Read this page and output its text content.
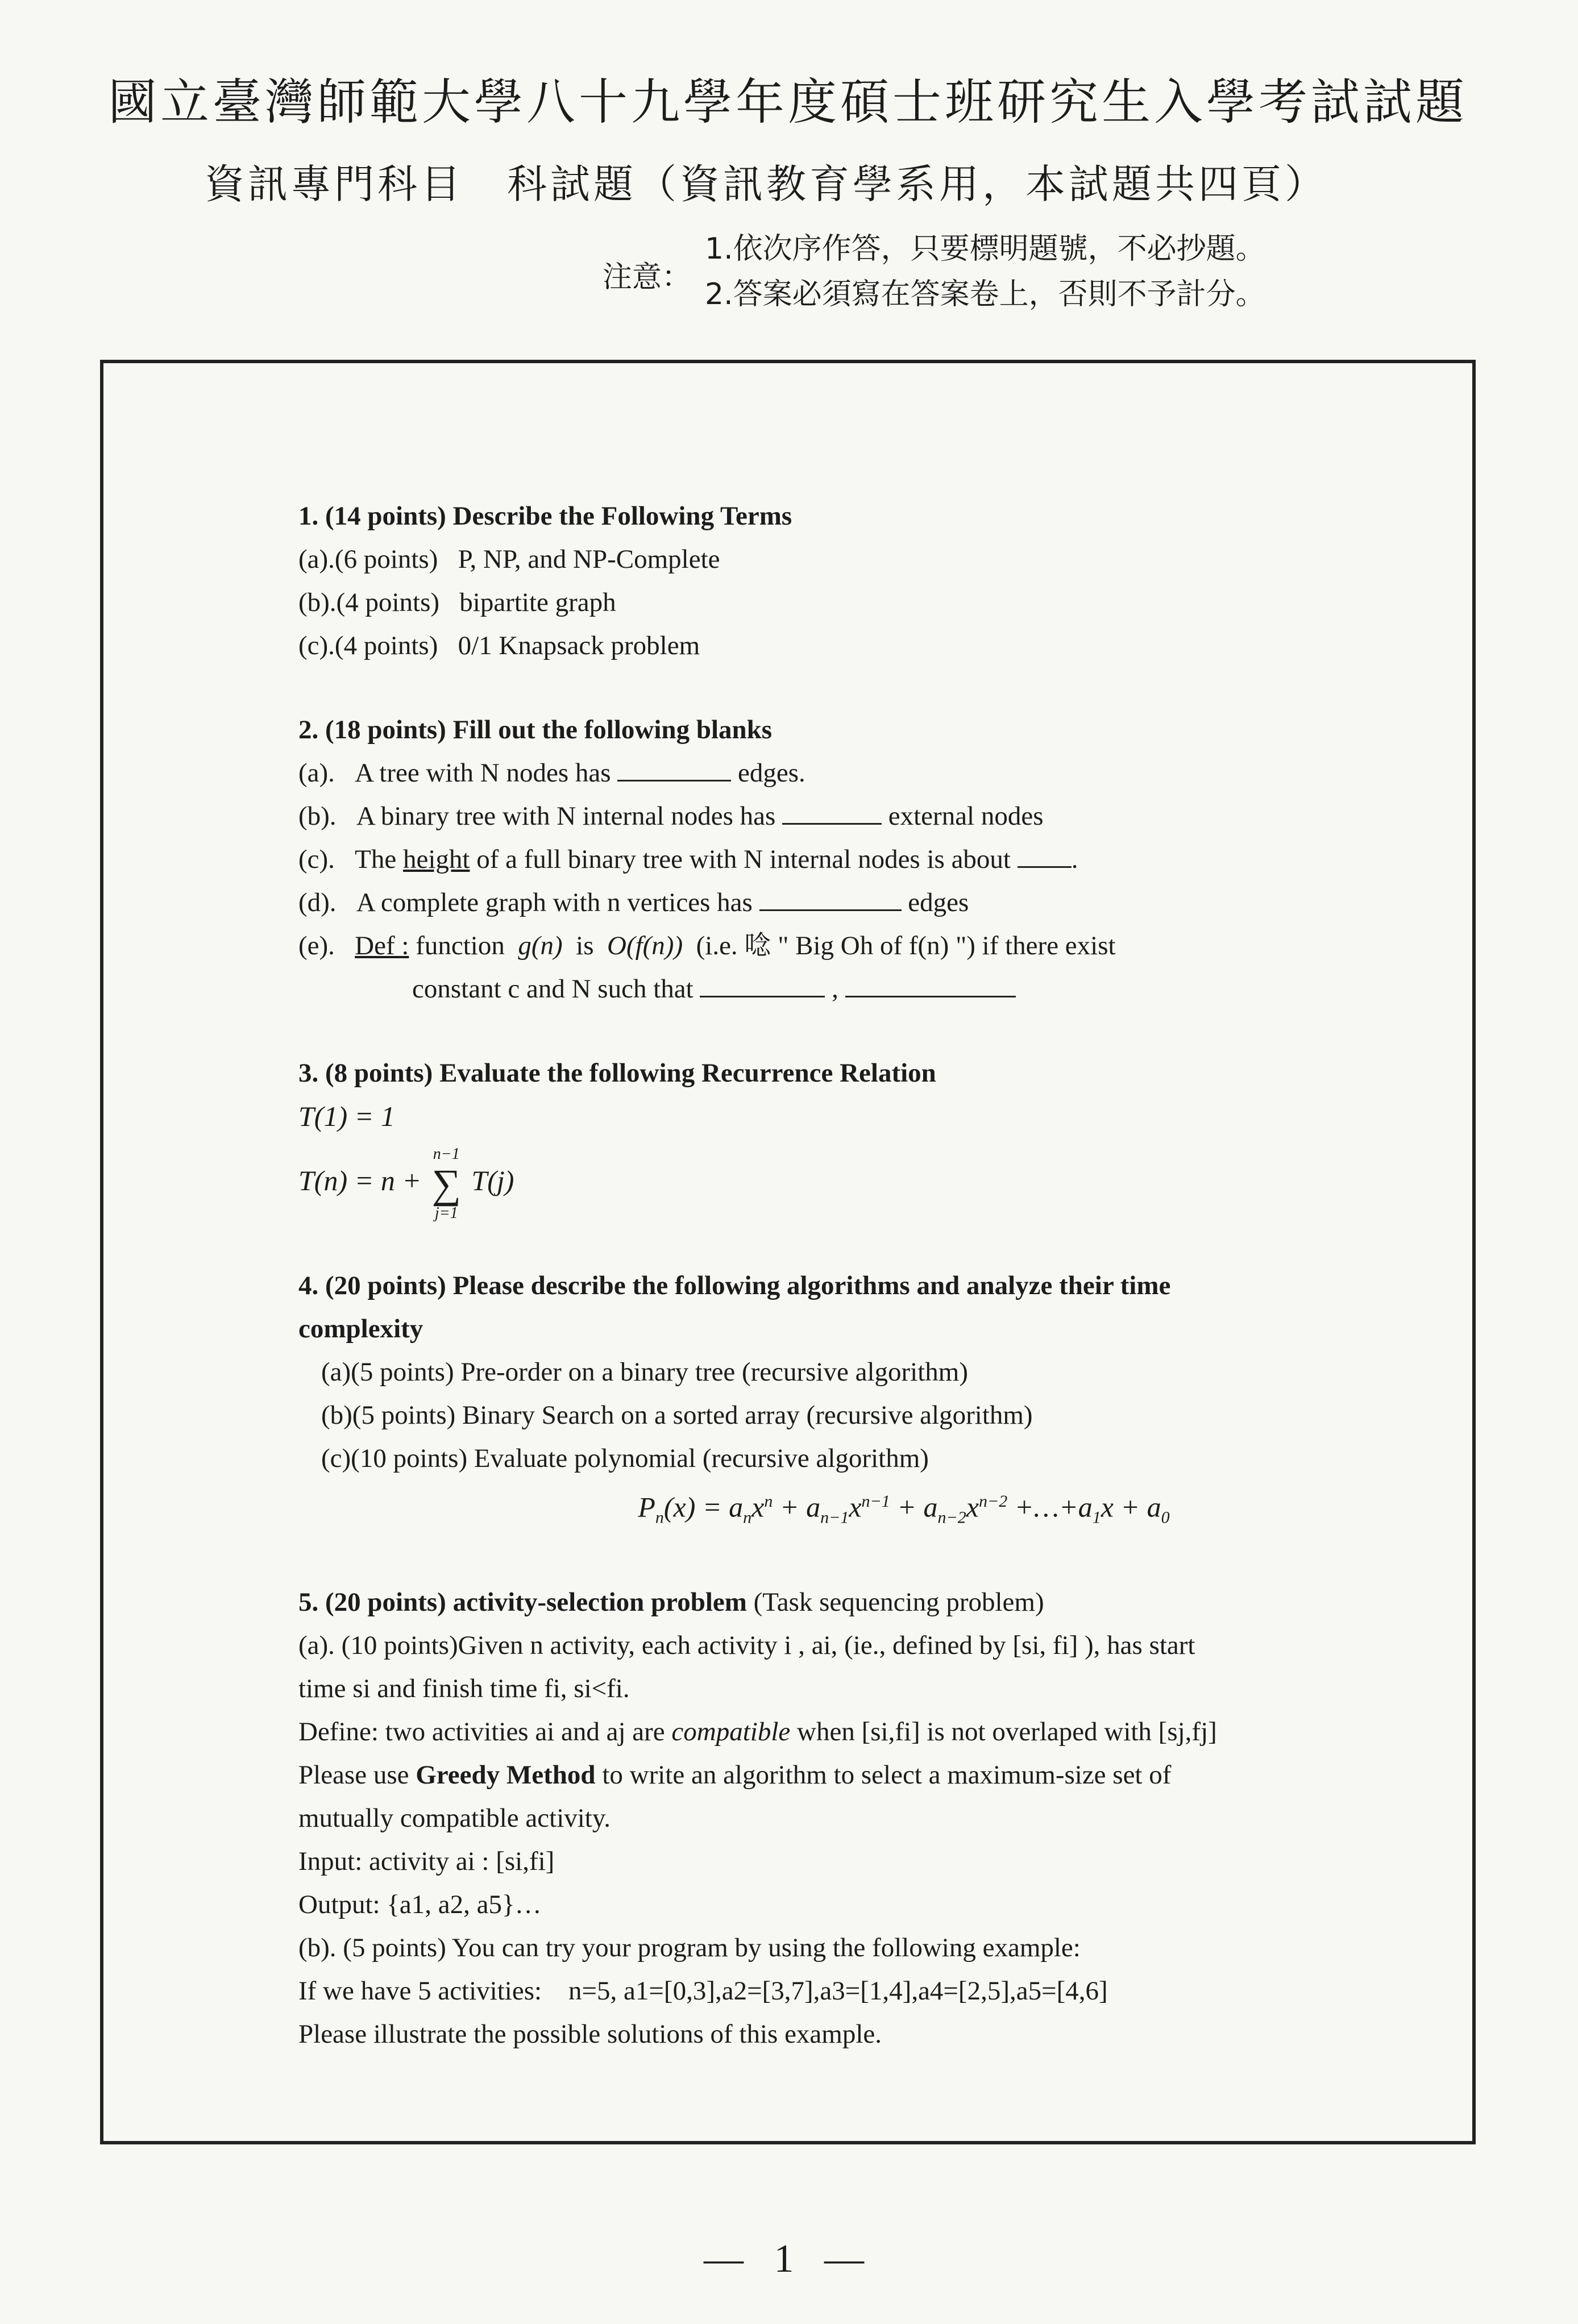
國立臺灣師範大學八十九學年度碩士班研究生入學考試試題
資訊專門科目　科試題（資訊教育學系用，本試題共四頁）
注意：
1.依次序作答，只要標明題號，不必抄題。
2.答案必須寫在答案卷上，否則不予計分。
1. (14 points) Describe the Following Terms
(a).(6 points) P, NP, and NP-Complete
(b).(4 points) bipartite graph
(c).(4 points) 0/1 Knapsack problem
2. (18 points) Fill out the following blanks
(a). A tree with N nodes has	edges.
(b). A binary tree with N internal nodes has	external nodes
(c). The height of a full binary tree with N internal nodes is about .
(d). A complete graph with n vertices has	edges
(e). Def : function g(n) is O(f(n)) (i.e. 唸 " Big Oh of f(n) ") if there exist
constant c and N such that	,
3. (8 points) Evaluate the following Recurrence Relation
T(1) = 1
T(n) = n +
n−1
∑
j=1
T(j)
4. (20 points) Please describe the following algorithms and analyze their time
complexity
(a)(5 points) Pre-order on a binary tree (recursive algorithm)
(b)(5 points) Binary Search on a sorted array (recursive algorithm)
(c)(10 points) Evaluate polynomial (recursive algorithm)
$P_n(x) = a_nx^n + a_{n-1}x^{n-1} + a_{n-2}x^{n-2}$ $+\dots+a_1x + a_0$
5. (20 points) activity-selection problem (Task sequencing problem)
(a). (10 points)Given n activity, each activity i , ai, (ie., defined by [si, fi] ), has start
time si and finish time fi, si<fi.
Define: two activities ai and aj are compatible when [si,fi] is not overlaped with [sj,fj]
Please use Greedy Method to write an algorithm to select a maximum-size set of
mutually compatible activity.
Input: activity ai : [si,fi]
Output: {a1, a2, a5}…
(b). (5 points) You can try your program by using the following example:
If we have 5 activities:    n=5, a1=[0,3],a2=[3,7],a3=[1,4],a4=[2,5],a5=[4,6]
Please illustrate the possible solutions of this example.
— 1 —
